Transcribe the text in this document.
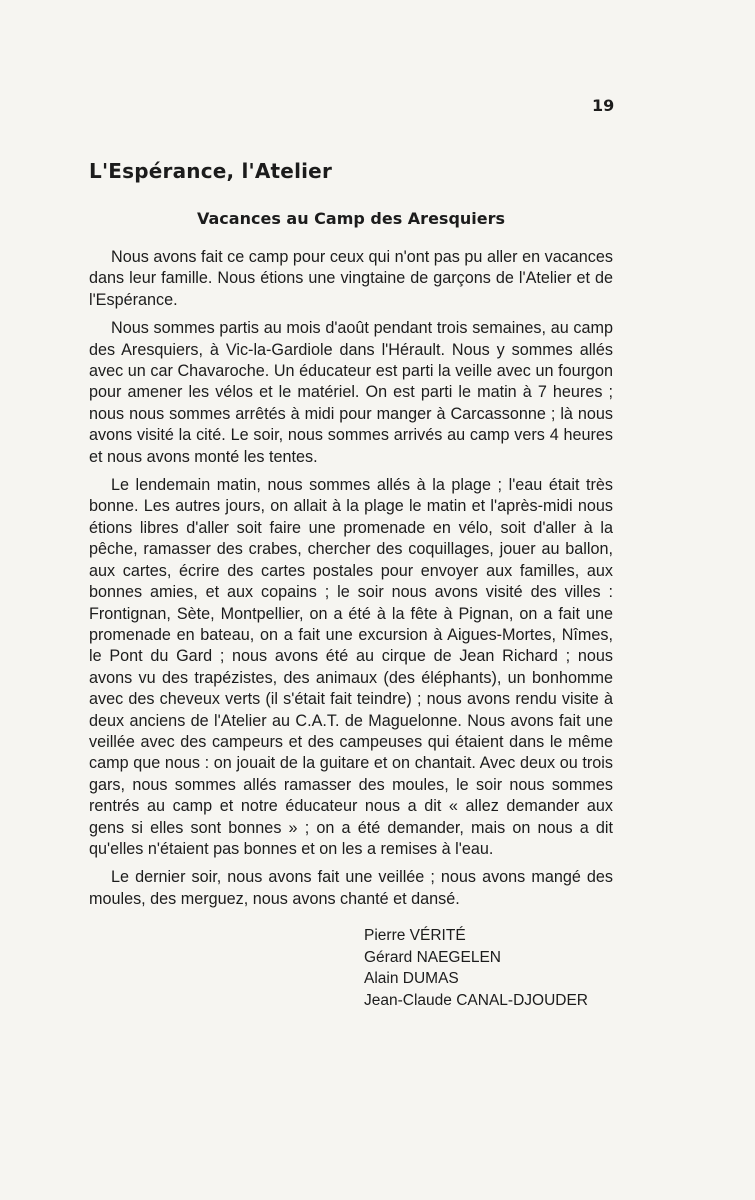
19
L'Espérance, l'Atelier
Vacances au Camp des Aresquiers

Nous avons fait ce camp pour ceux qui n'ont pas pu aller en vacances dans leur famille. Nous étions une vingtaine de garçons de l'Atelier et de l'Espérance.

Nous sommes partis au mois d'août pendant trois semaines, au camp des Aresquiers, à Vic-la-Gardiole dans l'Hérault. Nous y sommes allés avec un car Chavaroche. Un éducateur est parti la veille avec un fourgon pour amener les vélos et le matériel. On est parti le matin à 7 heures ; nous nous sommes arrêtés à midi pour manger à Carcassonne ; là nous avons visité la cité. Le soir, nous sommes arrivés au camp vers 4 heures et nous avons monté les tentes.

Le lendemain matin, nous sommes allés à la plage ; l'eau était très bonne. Les autres jours, on allait à la plage le matin et l'après-midi nous étions libres d'aller soit faire une promenade en vélo, soit d'aller à la pêche, ramasser des crabes, chercher des coquillages, jouer au ballon, aux cartes, écrire des cartes postales pour envoyer aux familles, aux bonnes amies, et aux copains ; le soir nous avons visité des villes : Frontignan, Sète, Montpellier, on a été à la fête à Pignan, on a fait une promenade en bateau, on a fait une excursion à Aigues-Mortes, Nîmes, le Pont du Gard ; nous avons été au cirque de Jean Richard ; nous avons vu des trapézistes, des animaux (des éléphants), un bonhomme avec des cheveux verts (il s'était fait teindre) ; nous avons rendu visite à deux anciens de l'Atelier au C.A.T. de Maguelonne. Nous avons fait une veillée avec des campeurs et des campeuses qui étaient dans le même camp que nous : on jouait de la guitare et on chantait. Avec deux ou trois gars, nous sommes allés ramasser des moules, le soir nous sommes rentrés au camp et notre éducateur nous a dit « allez demander aux gens si elles sont bonnes » ; on a été demander, mais on nous a dit qu'elles n'étaient pas bonnes et on les a remises à l'eau.

Le dernier soir, nous avons fait une veillée ; nous avons mangé des moules, des merguez, nous avons chanté et dansé.

Pierre VÉRITÉ
Gérard NAEGELEN
Alain DUMAS
Jean-Claude CANAL-DJOUDER
